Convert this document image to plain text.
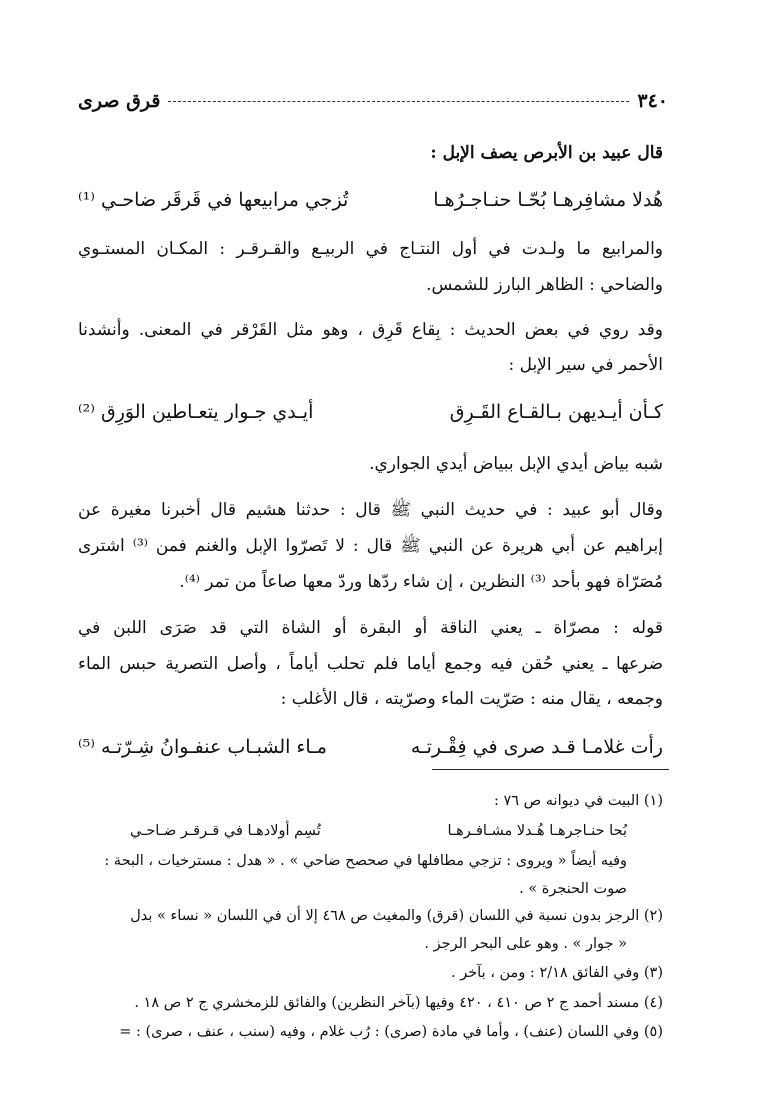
قرق صرى	٣٤٠
قال عبيد بن الأبرص يصف الإبل :
هُدلا مشافِرهـا بُحّـا حنـاجـرُهـا
تُزجي مرابيعها في قَرقَر ضاحـي ⁽¹⁾
والمرابيع ما ولـدت في أول النتـاج في الربيـع والقـرقـر : المكـان المستـوي
والضاحي : الظاهر البارز للشمس.
وقد روي في بعض الحديث : بِقاع قَرِق ، وهو مثل القَرْقر في المعنى. وأنشدنا
الأحمر في سير الإبل :
كـأن أيـديهن بـالقـاع القَـرِق
أيـدي جـوار يتعـاطين الوَرِق ⁽²⁾
شبه بياض أيدي الإبل ببياض أيدي الجواري.
وقال أبو عبيد : في حديث النبي ﷺ قال : حدثنا هشيم قال أخبرنا مغيرة عن
إبراهيم عن أبي هريرة عن النبي ﷺ قال : لا تَصرّوا الإبل والغنم فمن ⁽³⁾ اشترى
مُصَرّاة فهو بأحد ⁽³⁾ النظرين ، إن شاء ردّها وردّ معها صاعاً من تمر ⁽⁴⁾.
قوله : مصرّاة ـ يعني الناقة أو البقرة أو الشاة التي قد صَرَى اللبن في
ضرعها ـ يعني حُقن فيه وجمع أياما فلم تحلب أياماً ، وأصل التصرية حبس الماء
وجمعه ، يقال منه : صَرّيت الماء وصرّيته ، قال الأغلب :
رأت غلامـا قـد صرى في فِقْـرتـه
مـاء الشبـاب عنفـوانُ شِـرّتـه ⁽⁵⁾
(١) البيت في ديوانه ص ٧٦ :
بُحا حنـاجرهـا هُـدلا مشـافـرهـا
تُسِم أولادهـا في قـرقـر ضـاحـي
وفيه أيضاً « ويروى : تزجي مطافلها في صحصح ضاحي » . « هدل : مسترخيات ، البحة :
صوت الحنجرة » .
(٢) الرجز بدون نسبة في اللسان (قرق) والمغيث ص ٤٦٨ إلا أن في اللسان « نساء » بدل
« جوار » . وهو على البحر الرجز .
(٣) وفي الفائق ٢/١٨ : ومن ، بآخر .
(٤) مسند أحمد ج ٢ ص ٤١٠ ، ٤٢٠ وفيها (بآخر النظرين) والفائق للزمخشري ج ٢ ص ١٨ .
(٥) وفي اللسان (عنف) ، وأما في مادة (صرى) : رُب غلام ، وفيه (سنب ، عنف ، صرى) : =
